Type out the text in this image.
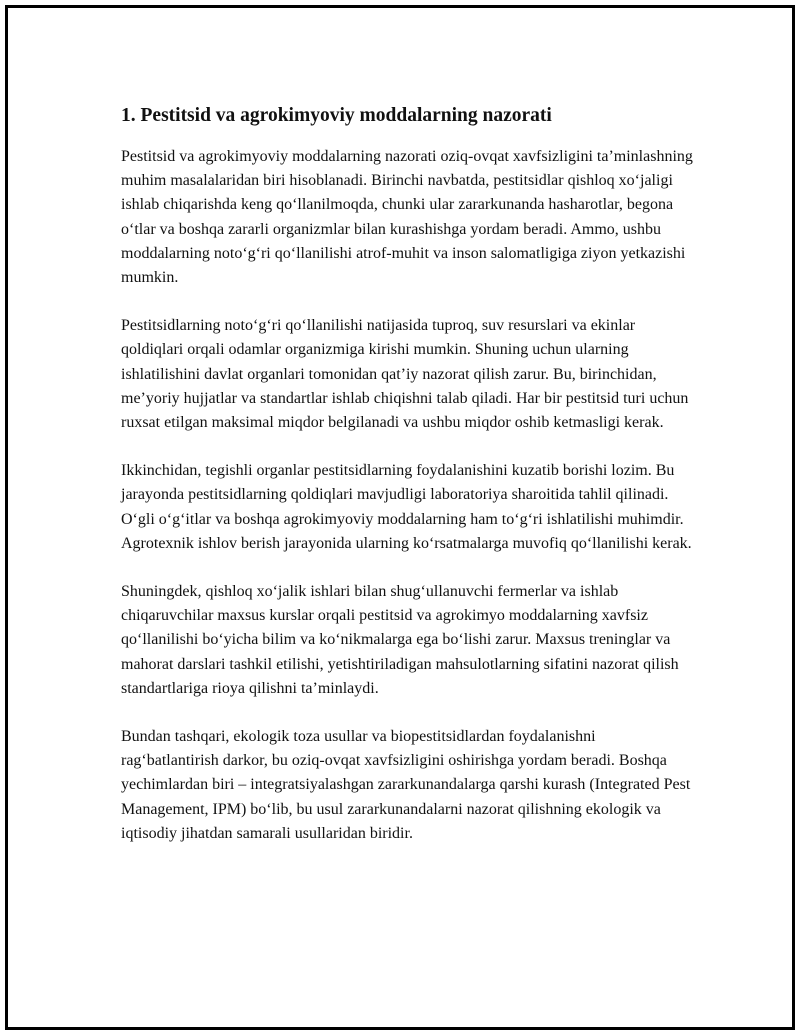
1. Pestitsid va agrokimyoviy moddalarning nazorati

Pestitsid va agrokimyoviy moddalarning nazorati oziq-ovqat xavfsizligini ta’minlashning muhim masalalaridan biri hisoblanadi. Birinchi navbatda, pestitsidlar qishloq xo‘jaligi ishlab chiqarishda keng qo‘llanilmoqda, chunki ular zararkunanda hasharotlar, begona o‘tlar va boshqa zararli organizmlar bilan kurashishga yordam beradi. Ammo, ushbu moddalarning noto‘g‘ri qo‘llanilishi atrof-muhit va inson salomatligiga ziyon yetkazishi mumkin.

Pestitsidlarning noto‘g‘ri qo‘llanilishi natijasida tuproq, suv resurslari va ekinlar qoldiqlari orqali odamlar organizmiga kirishi mumkin. Shuning uchun ularning ishlatilishini davlat organlari tomonidan qat’iy nazorat qilish zarur. Bu, birinchidan, me’yoriy hujjatlar va standartlar ishlab chiqishni talab qiladi. Har bir pestitsid turi uchun ruxsat etilgan maksimal miqdor belgilanadi va ushbu miqdor oshib ketmasligi kerak.

Ikkinchidan, tegishli organlar pestitsidlarning foydalanishini kuzatib borishi lozim. Bu jarayonda pestitsidlarning qoldiqlari mavjudligi laboratoriya sharoitida tahlil qilinadi. O‘gli o‘g‘itlar va boshqa agrokimyoviy moddalarning ham to‘g‘ri ishlatilishi muhimdir. Agrotexnik ishlov berish jarayonida ularning ko‘rsatmalarga muvofiq qo‘llanilishi kerak.

Shuningdek, qishloq xo‘jalik ishlari bilan shug‘ullanuvchi fermerlar va ishlab chiqaruvchilar maxsus kurslar orqali pestitsid va agrokimyo moddalarning xavfsiz qo‘llanilishi bo‘yicha bilim va ko‘nikmalarga ega bo‘lishi zarur. Maxsus treninglar va mahorat darslari tashkil etilishi, yetishtiriladigan mahsulotlarning sifatini nazorat qilish standartlariga rioya qilishni ta’minlaydi.

Bundan tashqari, ekologik toza usullar va biopestitsidlardan foydalanishni rag‘batlantirish darkor, bu oziq-ovqat xavfsizligini oshirishga yordam beradi. Boshqa yechimlardan biri – integratsiyalashgan zararkunandalarga qarshi kurash (Integrated Pest Management, IPM) bo‘lib, bu usul zararkunandalarni nazorat qilishning ekologik va iqtisodiy jihatdan samarali usullaridan biridir.
